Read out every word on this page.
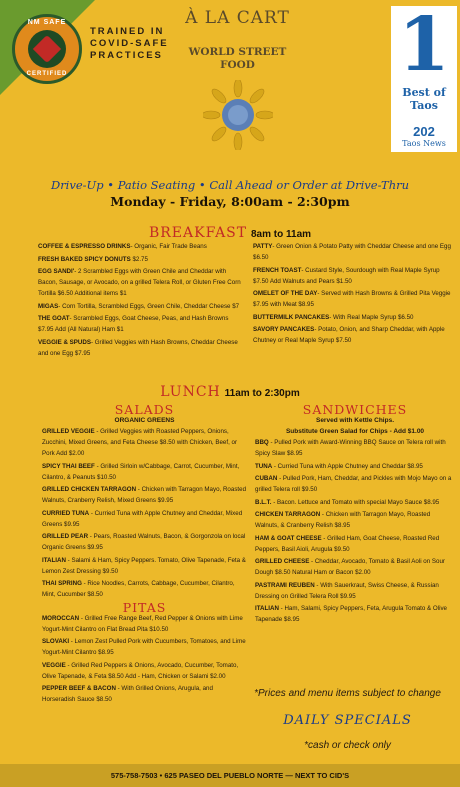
NM SAFE
CERTIFIED
TRAINED IN COVID-SAFE PRACTICES
À LA CART
WORLD STREET FOOD	1
Best of Taos
202
Taos News
Drive-Up • Patio Seating • Call Ahead or Order at Drive-Thru
Monday - Friday, 8:00am - 2:30pm
BREAKFAST 8am to 11am
COFFEE & ESPRESSO DRINKS- Organic, Fair Trade Beans
FRESH BAKED SPICY DONUTS $2.75
EGG SANDI'- 2 Scrambled Eggs with Green Chile and Cheddar with Bacon, Sausage, or Avocado, on a grilled Telera Roll, or Gluten Free Corn Tortilla $6.50 Additional items $1
MIGAS- Corn Tortilla, Scrambled Eggs, Green Chile, Cheddar Cheese $7
THE GOAT- Scrambled Eggs, Goat Cheese, Peas, and Hash Browns $7.95 Add (All Natural) Ham $1
VEGGIE & SPUDS- Grilled Veggies with Hash Browns, Cheddar Cheese and one Egg $7.95
PATTY- Green Onion & Potato Patty with Cheddar Cheese and one Egg $6.50
FRENCH TOAST- Custard Style, Sourdough with Real Maple Syrup $7.50 Add Walnuts and Pears $1.50
OMELET OF THE DAY- Served with Hash Browns & Grilled Pita Veggie $7.95 with Meat $8.95
BUTTERMILK PANCAKES- With Real Maple Syrup $6.50
SAVORY PANCAKES- Potato, Onion, and Sharp Cheddar, with Apple Chutney or Real Maple Syrup $7.50
LUNCH 11am to 2:30pm
SALADS
ORGANIC GREENS
GRILLED VEGGIE - Grilled Veggies with Roasted Peppers, Onions, Zucchini, Mixed Greens, and Feta Cheese $8.50 with Chicken, Beef, or Pork Add $2.00
SPICY THAI BEEF - Grilled Sirloin w/Cabbage, Carrot, Cucumber, Mint, Cilantro, & Peanuts $10.50
GRILLED CHICKEN TARRAGON - Chicken with Tarragon Mayo, Roasted Walnuts, Cranberry Relish, Mixed Greens $9.95
CURRIED TUNA - Curried Tuna with Apple Chutney and Cheddar, Mixed Greens $9.95
GRILLED PEAR - Pears, Roasted Walnuts, Bacon, & Gorgonzola on local Organic Greens $9.95
ITALIAN - Salami & Ham, Spicy Peppers. Tomato, Olive Tapenade, Feta & Lemon Zest Dressing $9.50
THAI SPRING - Rice Noodles, Carrots, Cabbage, Cucumber, Cilantro, Mint, Cucumber $8.50
PITAS
MOROCCAN - Grilled Free Range Beef, Red Pepper & Onions with Lime Yogurt-Mint Cilantro on Flat Bread Pita $10.50
SLOVAKI - Lemon Zest Pulled Pork with Cucumbers, Tomatoes, and Lime Yogurt-Mint Cilantro $8.95
VEGGIE - Grilled Red Peppers & Onions, Avocado, Cucumber, Tomato, Olive Tapenade, & Feta $8.50 Add - Ham, Chicken or Salami $2.00
PEPPER BEEF & BACON - With Grilled Onions, Arugula, and Horseradish Sauce $8.50
SANDWICHES
Served with Kettle Chips.
Substitute Green Salad for Chips - Add $1.00
BBQ - Pulled Pork with Award-Winning BBQ Sauce on Telera roll with Spicy Slaw $8.95
TUNA - Curried Tuna with Apple Chutney and Cheddar $8.95
CUBAN - Pulled Pork, Ham, Cheddar, and Pickles with Mojo Mayo on a grilled Telera roll $9.50
B.L.T. - Bacon. Lettuce and Tomato with special Mayo Sauce $8.95
CHICKEN TARRAGON - Chicken with Tarragon Mayo, Roasted Walnuts, & Cranberry Relish $8.95
HAM & GOAT CHEESE - Grilled Ham, Goat Cheese, Roasted Red Peppers, Basil Aioli, Arugula $9.50
GRILLED CHEESE - Cheddar, Avocado, Tomato & Basil Aoli on Sour Dough $8.50 Natural Ham or Bacon $2.00
PASTRAMI REUBEN - With Sauerkraut, Swiss Cheese, & Russian Dressing on Grilled Telera Roll $9.95
ITALIAN - Ham, Salami, Spicy Peppers, Feta, Arugula Tomato & Olive Tapenade $8.95
*Prices and menu items subject to change
DAILY SPECIALS
*cash or check only
575-758-7503 • 625 PASEO DEL PUEBLO NORTE — NEXT TO CID'S
